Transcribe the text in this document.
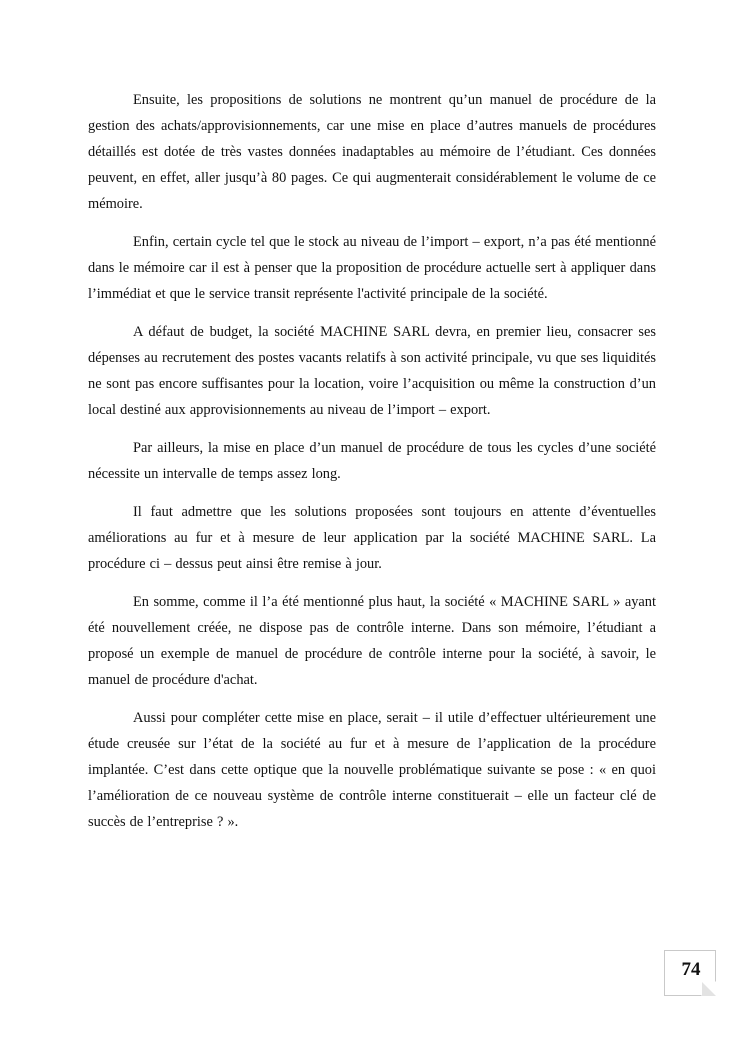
Ensuite, les propositions de solutions ne montrent qu’un manuel de procédure de la gestion des achats/approvisionnements, car une mise en place d’autres manuels de procédures détaillés est dotée de très vastes données inadaptables au mémoire de l’étudiant. Ces données peuvent, en effet, aller jusqu’à 80 pages. Ce qui augmenterait considérablement le volume de ce mémoire.

Enfin, certain cycle tel que le stock au niveau de l’import – export, n’a pas été mentionné dans le mémoire car il est à penser que la proposition de procédure actuelle sert à appliquer dans l’immédiat et que le service transit représente l'activité principale de la société.

A défaut de budget, la société MACHINE SARL devra, en premier lieu, consacrer ses dépenses au recrutement des postes vacants relatifs à son activité principale, vu que ses liquidités ne sont pas encore suffisantes pour la location, voire l’acquisition ou même la construction d’un local destiné aux approvisionnements au niveau de l’import – export.

Par ailleurs, la mise en place d’un manuel de procédure de tous les cycles d’une société nécessite un intervalle de temps assez long.

Il faut admettre que les solutions proposées sont toujours en attente d’éventuelles améliorations au fur et à mesure de leur application par la société MACHINE SARL. La procédure ci – dessus peut ainsi être remise à jour.

En somme, comme il l’a été mentionné plus haut, la société « MACHINE SARL » ayant été nouvellement créée, ne dispose pas de contrôle interne. Dans son mémoire, l’étudiant a proposé un exemple de manuel de procédure de contrôle interne pour la société, à savoir, le manuel de procédure d'achat.

Aussi pour compléter cette mise en place, serait – il utile d’effectuer ultérieurement une étude creusée sur l’état de la société au fur et à mesure de l’application de la procédure implantée. C’est dans cette optique que la nouvelle problématique suivante se pose : « en quoi l’amélioration de ce nouveau système de contrôle interne constituerait – elle un facteur clé de succès de l’entreprise ? ».

74
